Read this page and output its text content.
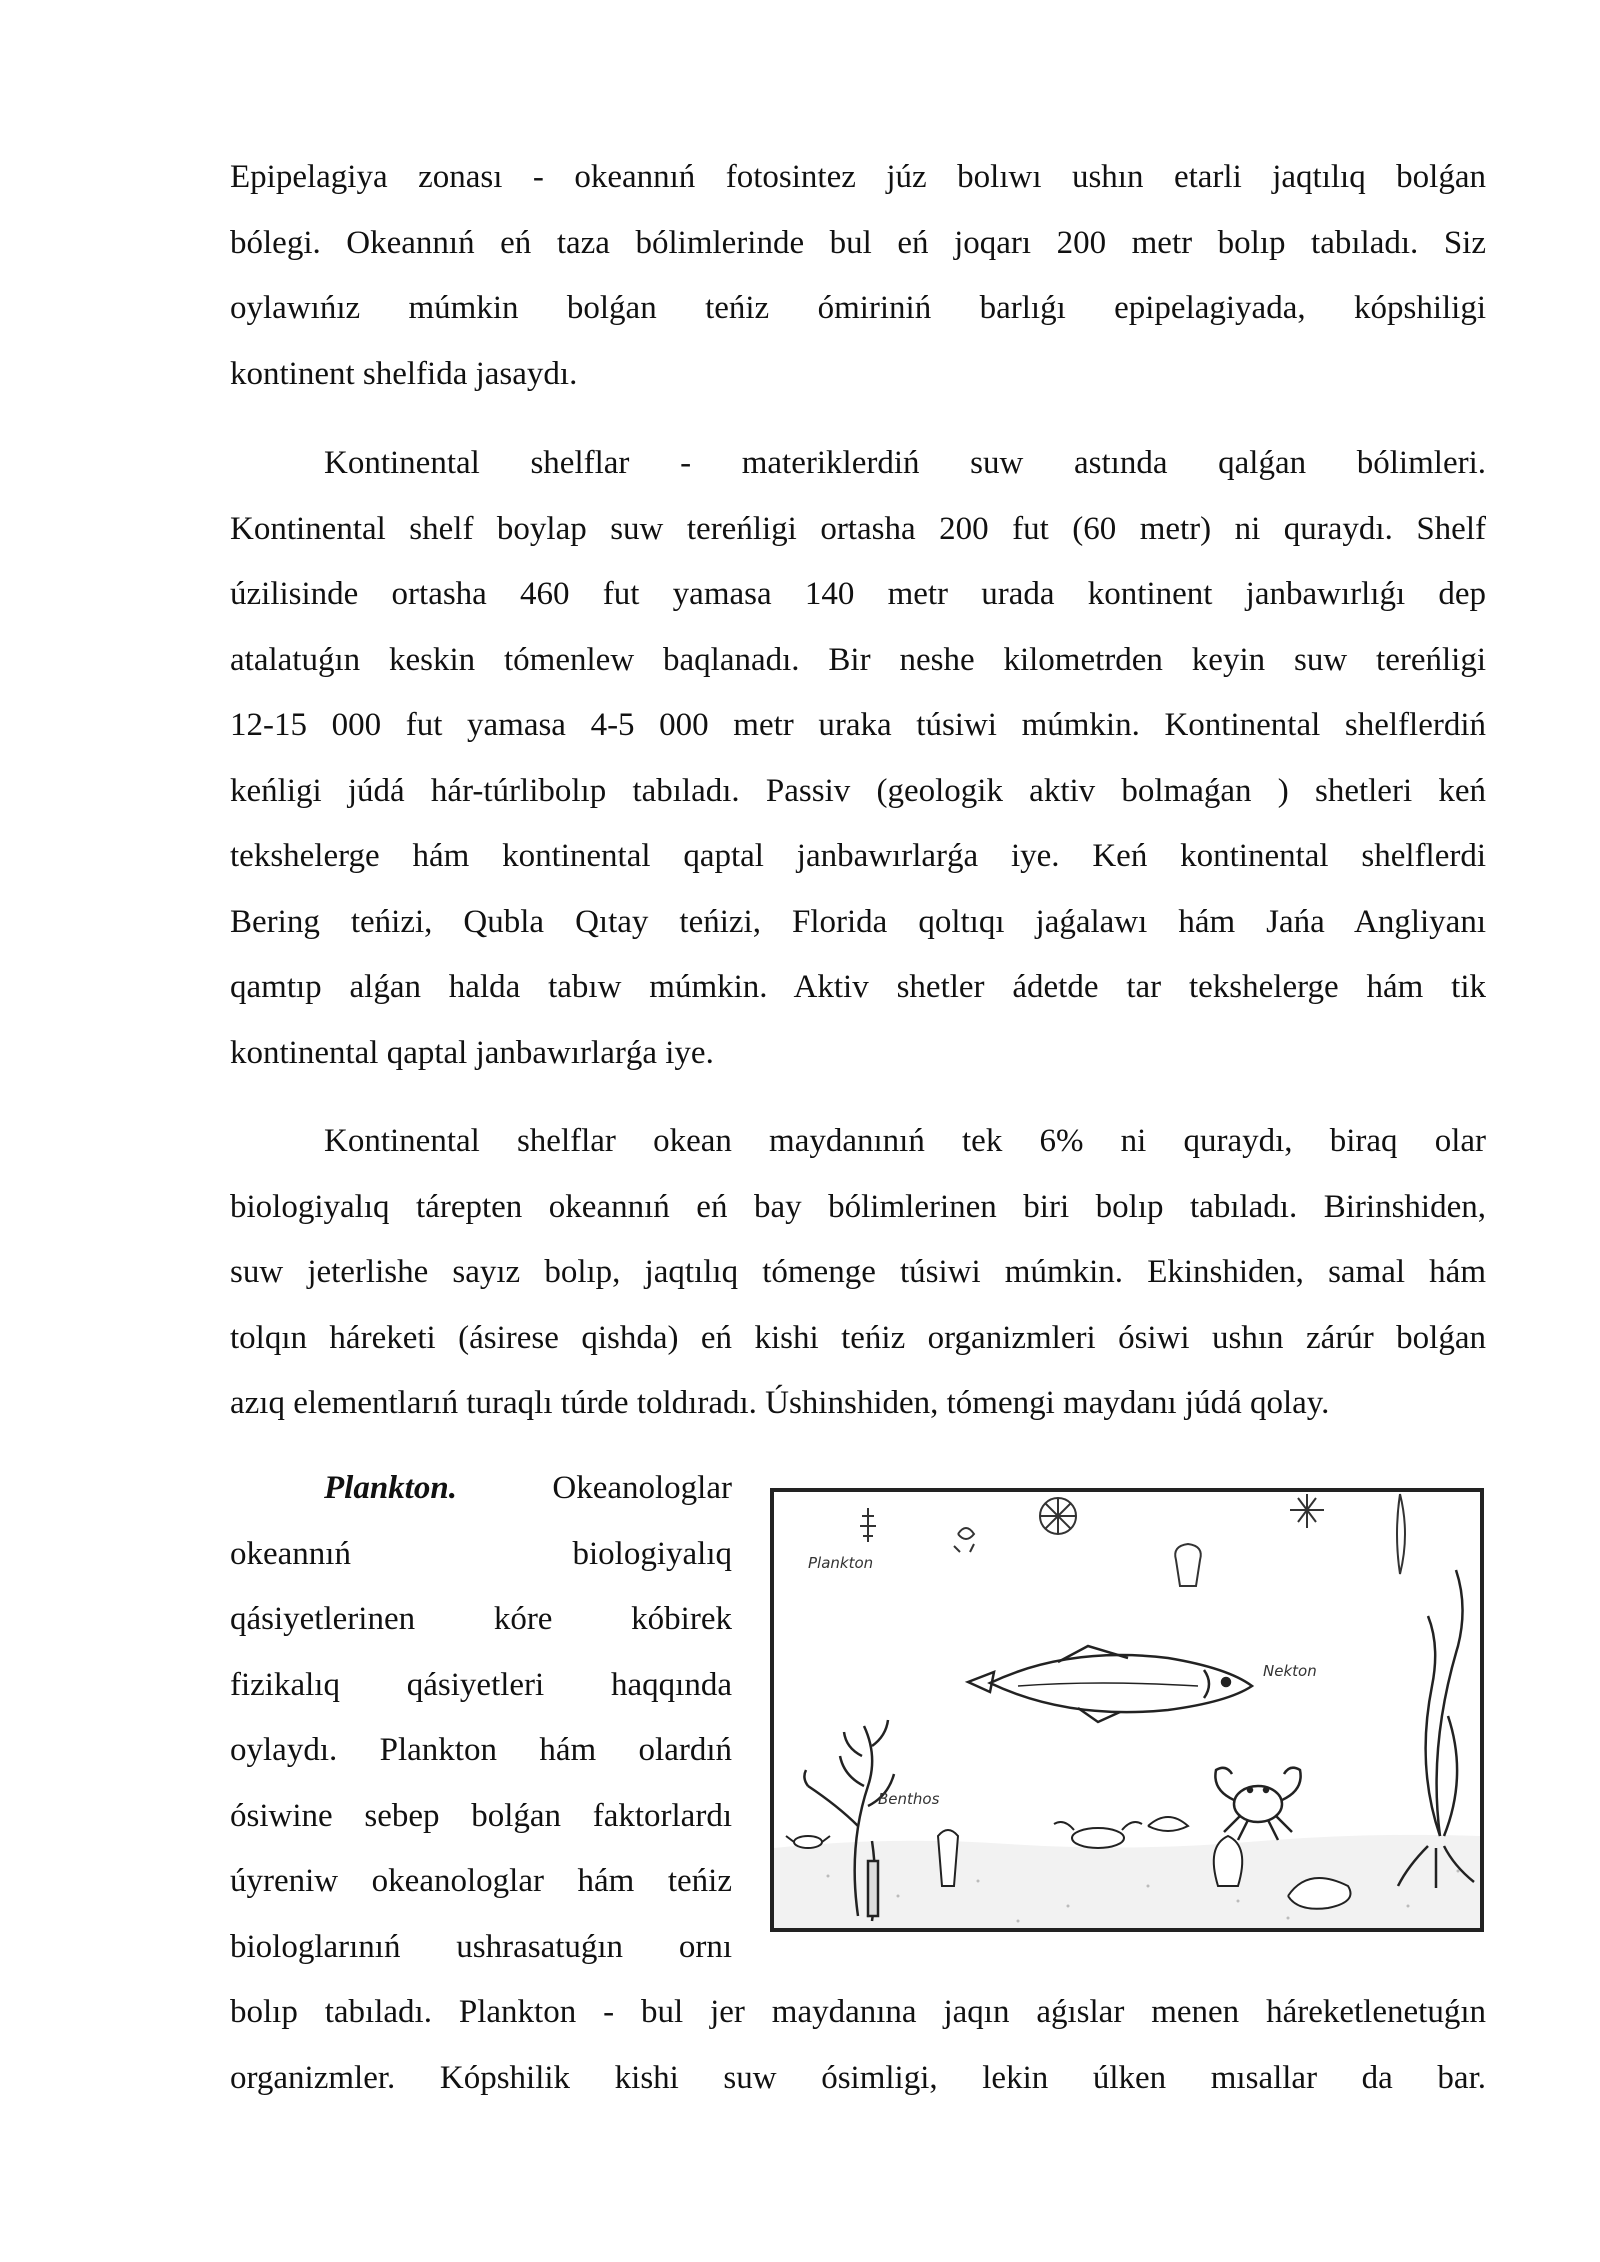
Epipelagiya zonası - okeannıń fotosintez júz bolıwı ushın etarli jaqtılıq bolǵan
bólegi. Okeannıń eń taza bólimlerinde bul eń joqarı 200 metr bolıp tabıladı. Siz
oylawıńız múmkin bolǵan teńiz ómiriniń barlıǵı epipelagiyada, kópshiligi
kontinent shelfida jasaydı.
Kontinental shelflar - materiklerdiń suw astında qalǵan bólimleri.
Kontinental shelf boylap suw tereńligi ortasha 200 fut (60 metr) ni quraydı. Shelf
úzilisinde ortasha 460 fut yamasa 140 metr urada kontinent janbawırlıǵı dep
atalatuǵın keskin tómenlew baqlanadı. Bir neshe kilometrden keyin suw tereńligi
12-15 000 fut yamasa 4-5 000 metr uraka túsiwi múmkin. Kontinental shelflerdiń
keńligi júdá hár-túrlibolıp tabıladı. Passiv (geologik aktiv bolmaǵan ) shetleri keń
tekshelerge hám kontinental qaptal janbawırlarǵa iye. Keń kontinental shelflerdi
Bering teńizi, Qubla Qıtay teńizi, Florida qoltıqı jaǵalawı hám Jańa Angliyanı
qamtıp alǵan halda tabıw múmkin. Aktiv shetler ádetde tar tekshelerge hám tik
kontinental qaptal janbawırlarǵa iye.
Kontinental shelflar okean maydanınıń tek 6% ni quraydı, biraq olar
biologiyalıq tárepten okeannıń eń bay bólimlerinen biri bolıp tabıladı. Birinshiden,
suw jeterlishe sayız bolıp, jaqtılıq tómenge túsiwi múmkin. Ekinshiden, samal hám
tolqın háreketi (ásirese qishda) eń kishi teńiz organizmleri ósiwi ushın zárúr bolǵan
azıq elementlarıń turaqlı túrde toldıradı. Úshinshiden, tómengi maydanı júdá qolay.
Plankton.	Okeanologlar
okeannıń biologiyalıq
qásiyetlerinen kóre kóbirek
fizikalıq qásiyetleri haqqında
oylaydı. Plankton hám olardıń
ósiwine sebep bolǵan faktorlardı
úyreniw okeanologlar hám teńiz
biologlarınıń ushrasatuǵın ornı
bolıp tabıladı. Plankton - bul jer maydanına jaqın aǵıslar menen háreketlenetuǵın
organizmler. Kópshilik kishi suw ósimligi, lekin úlken mısallar da bar.
Plankton
Nekton
Benthos
